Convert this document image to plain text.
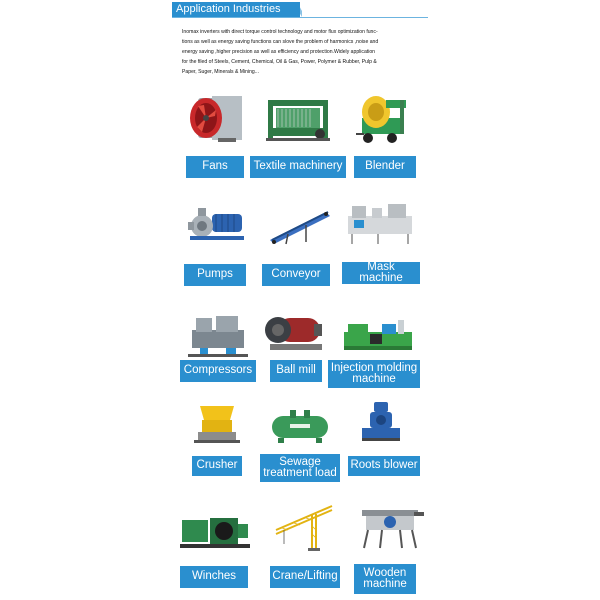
Application Industries

Inomax inverters with direct torque control technology and motor flux optimization func-

tions as well as energy saving functions can slove the problem of harmonics ,noise and

energy saving ,higher precision as well as efficiency and protection.Widely application

for the filed of Steels, Cement, Chemical, Oil & Gas, Power, Polymer & Rubber, Pulp &

Paper, Suger, Minerals & Mining...

Fans Textile machinery Blender
Pumps	Conveyor
Mask machine
Compressors Ball mill Injection molding
machine
Crusher	Sewage
treatment load
Roots blower
Winches	Crane/Lifting Wooden
machine
